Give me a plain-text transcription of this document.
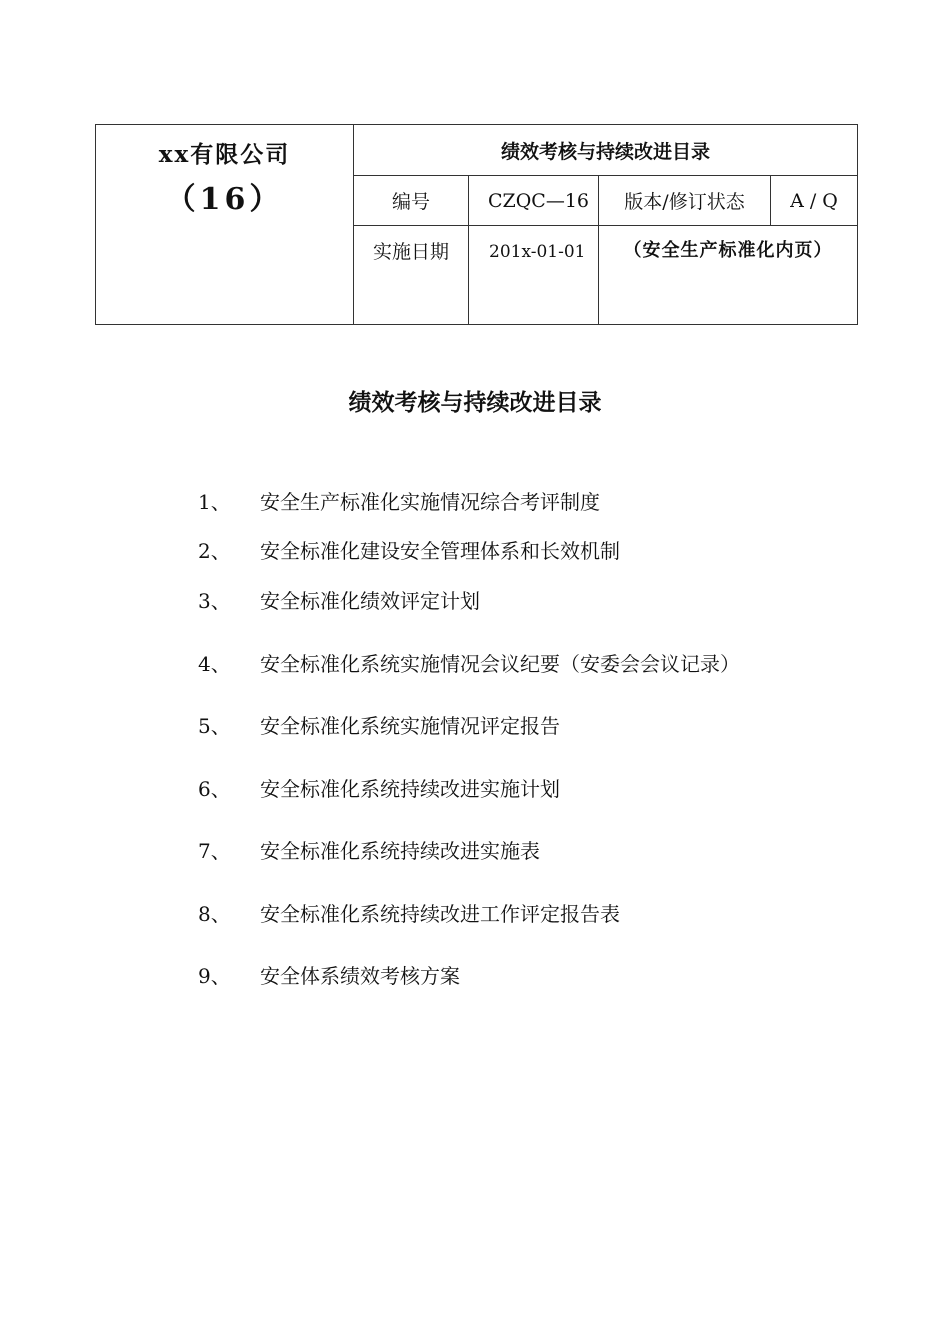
xx有限公司
（16）	绩效考核与持续改进目录			
	编号	CZQC—16	版本/修订状态	A / Q

	实施日期	201x-01-01	（安全生产标准化内页）	
绩效考核与持续改进目录
1、 安全生产标准化实施情况综合考评制度
2、 安全标准化建设安全管理体系和长效机制
3、 安全标准化绩效评定计划
4、 安全标准化系统实施情况会议纪要（安委会会议记录）
5、 安全标准化系统实施情况评定报告
6、 安全标准化系统持续改进实施计划
7、 安全标准化系统持续改进实施表
8、 安全标准化系统持续改进工作评定报告表
9、 安全体系绩效考核方案
